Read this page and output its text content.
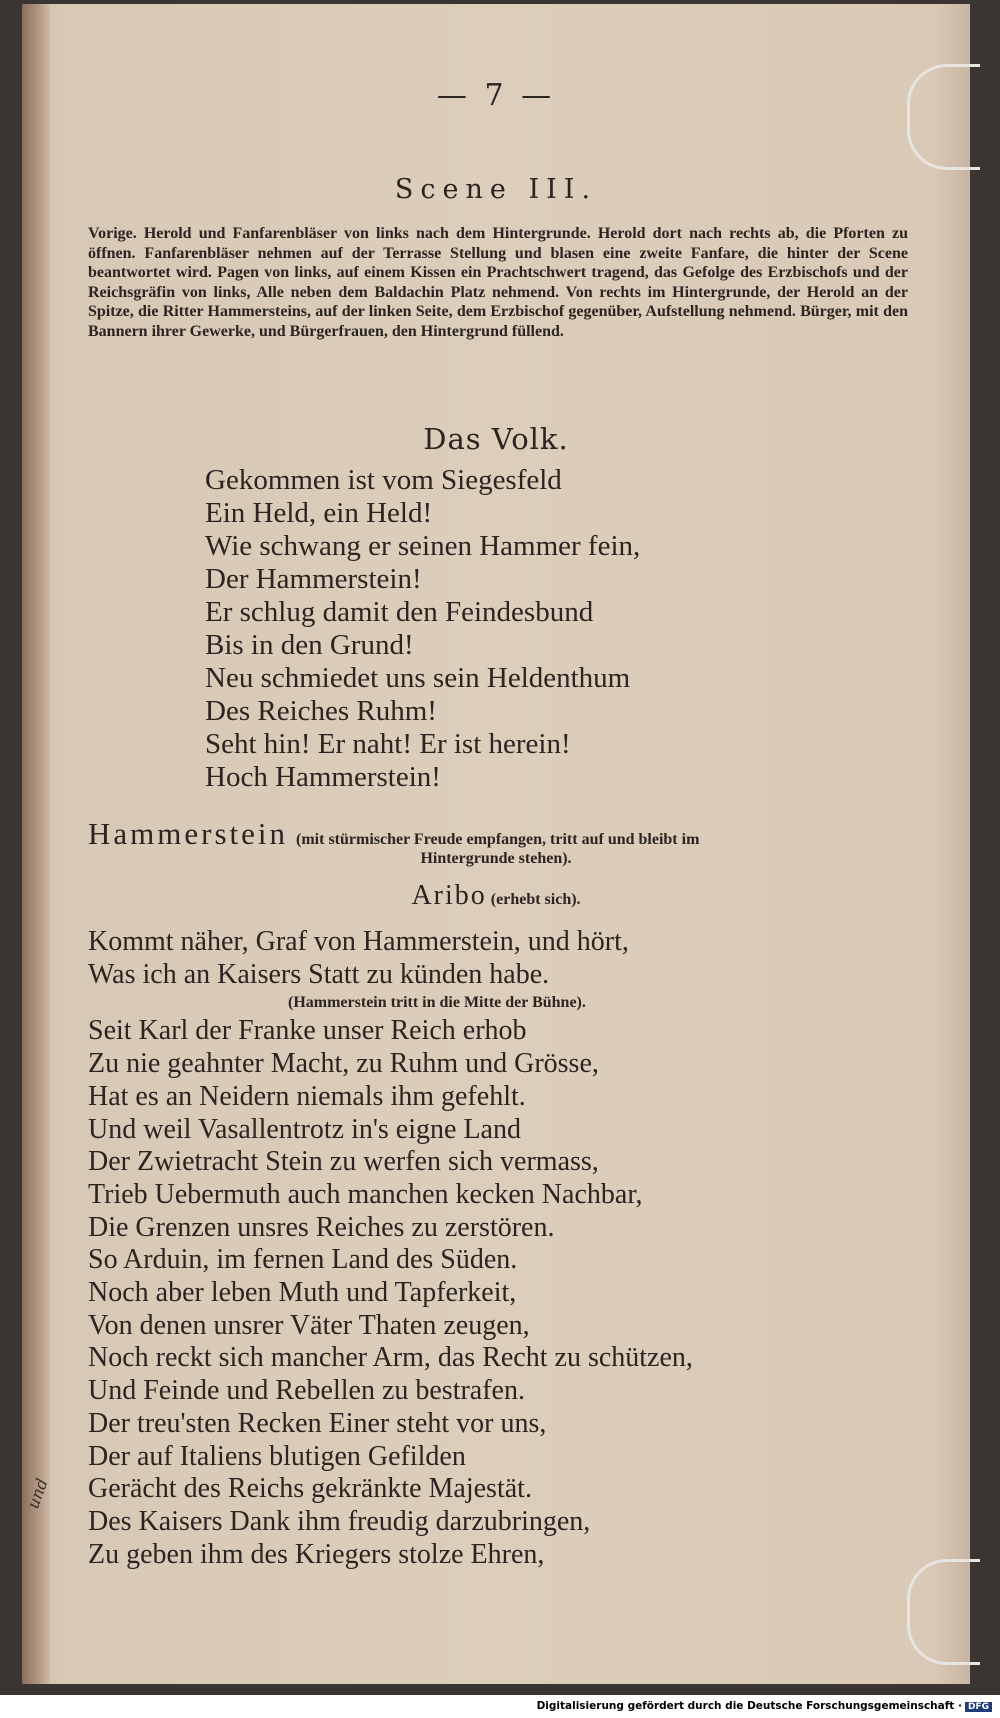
— 7 —
Scene III.
Vorige. Herold und Fanfarenbläser von links nach dem Hintergrunde. Herold dort nach rechts ab, die Pforten zu öffnen. Fanfarenbläser nehmen auf der Terrasse Stellung und blasen eine zweite Fanfare, die hinter der Scene beantwortet wird. Pagen von links, auf einem Kissen ein Prachtschwert tragend, das Gefolge des Erzbischofs und der Reichsgräfin von links, Alle neben dem Baldachin Platz nehmend. Von rechts im Hintergrunde, der Herold an der Spitze, die Ritter Hammersteins, auf der linken Seite, dem Erzbischof gegenüber, Aufstellung nehmend. Bürger, mit den Bannern ihrer Gewerke, und Bürgerfrauen, den Hintergrund füllend.
Das Volk.
Gekommen ist vom Siegesfeld
Ein Held, ein Held!
Wie schwang er seinen Hammer fein,
Der Hammerstein!
Er schlug damit den Feindesbund
Bis in den Grund!
Neu schmiedet uns sein Heldenthum
Des Reiches Ruhm!
Seht hin! Er naht! Er ist herein!
Hoch Hammerstein!
Hammerstein (mit stürmischer Freude empfangen, tritt auf und bleibt im
Hintergrunde stehen).
Aribo (erhebt sich).
Kommt näher, Graf von Hammerstein, und hört,
Was ich an Kaisers Statt zu künden habe.
(Hammerstein tritt in die Mitte der Bühne).
Seit Karl der Franke unser Reich erhob
Zu nie geahnter Macht, zu Ruhm und Grösse,
Hat es an Neidern niemals ihm gefehlt.
Und weil Vasallentrotz in's eigne Land
Der Zwietracht Stein zu werfen sich vermass,
Trieb Uebermuth auch manchen kecken Nachbar,
Die Grenzen unsres Reiches zu zerstören.
So Arduin, im fernen Land des Süden.
Noch aber leben Muth und Tapferkeit,
Von denen unsrer Väter Thaten zeugen,
Noch reckt sich mancher Arm, das Recht zu schützen,
Und Feinde und Rebellen zu bestrafen.
Der treu'sten Recken Einer steht vor uns,
Der auf Italiens blutigen Gefilden
Gerächt des Reichs gekränkte Majestät.
Des Kaisers Dank ihm freudig darzubringen,
Zu geben ihm des Kriegers stolze Ehren,
und
Digitalisierung gefördert durch die Deutsche Forschungsgemeinschaft · DFG
